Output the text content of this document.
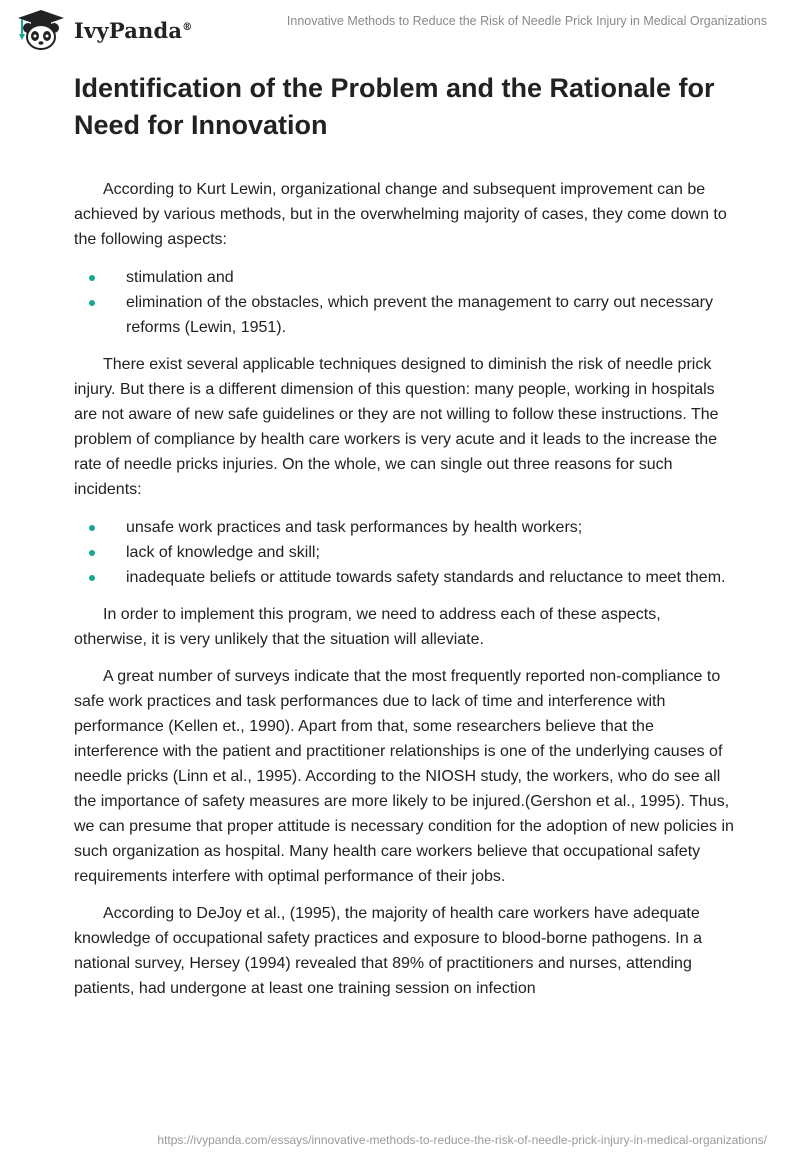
IvyPanda®	Innovative Methods to Reduce the Risk of Needle Prick Injury in Medical Organizations
Identification of the Problem and the Rationale for Need for Innovation

According to Kurt Lewin, organizational change and subsequent improvement can be achieved by various methods, but in the overwhelming majority of cases, they come down to the following aspects:

stimulation and
elimination of the obstacles, which prevent the management to carry out necessary reforms (Lewin, 1951).

There exist several applicable techniques designed to diminish the risk of needle prick injury. But there is a different dimension of this question: many people, working in hospitals are not aware of new safe guidelines or they are not willing to follow these instructions. The problem of compliance by health care workers is very acute and it leads to the increase the rate of needle pricks injuries. On the whole, we can single out three reasons for such incidents:

unsafe work practices and task performances by health workers;
lack of knowledge and skill;
inadequate beliefs or attitude towards safety standards and reluctance to meet them.

In order to implement this program, we need to address each of these aspects, otherwise, it is very unlikely that the situation will alleviate.

A great number of surveys indicate that the most frequently reported non-compliance to safe work practices and task performances due to lack of time and interference with performance (Kellen et., 1990). Apart from that, some researchers believe that the interference with the patient and practitioner relationships is one of the underlying causes of needle pricks (Linn et al., 1995). According to the NIOSH study, the workers, who do see all the importance of safety measures are more likely to be injured.(Gershon et al., 1995). Thus, we can presume that proper attitude is necessary condition for the adoption of new policies in such organization as hospital. Many health care workers believe that occupational safety requirements interfere with optimal performance of their jobs.

According to DeJoy et al., (1995), the majority of health care workers have adequate knowledge of occupational safety practices and exposure to blood-borne pathogens. In a national survey, Hersey (1994) revealed that 89% of practitioners and nurses, attending patients, had undergone at least one training session on infection

https://ivypanda.com/essays/innovative-methods-to-reduce-the-risk-of-needle-prick-injury-in-medical-organizations/
